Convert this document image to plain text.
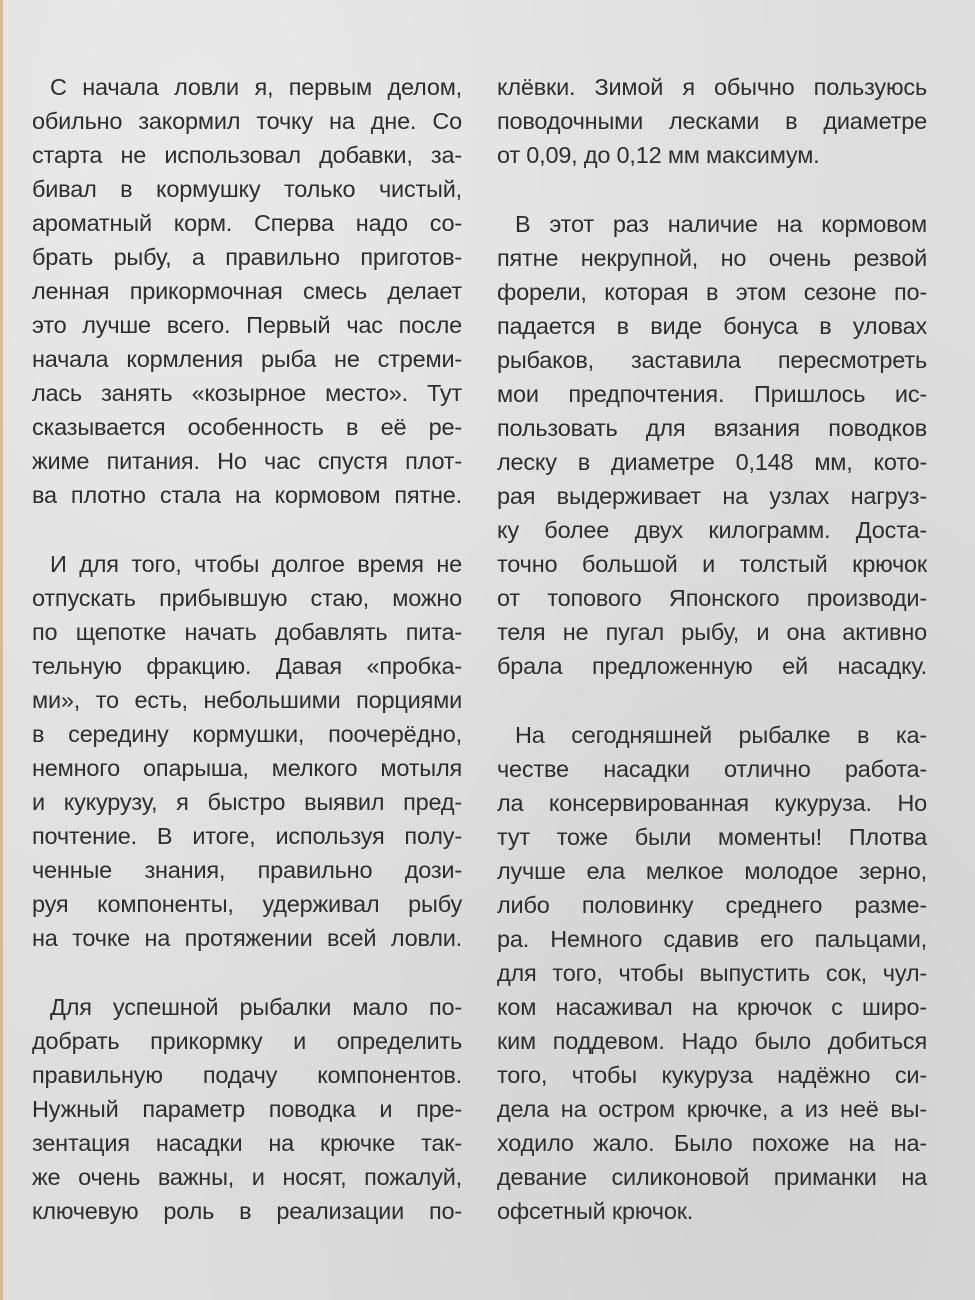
С начала ловли я, первым делом,
обильно закормил точку на дне. Со
старта не использовал добавки, за-
бивал в кормушку только чистый,
ароматный корм. Сперва надо со-
брать рыбу, а правильно приготов-
ленная прикормочная смесь делает
это лучше всего. Первый час после
начала кормления рыба не стреми-
лась занять «козырное место». Тут
сказывается особенность в её ре-
жиме питания. Но час спустя плот-
ва плотно стала на кормовом пятне.

И для того, чтобы долгое время не
отпускать прибывшую стаю, можно
по щепотке начать добавлять пита-
тельную фракцию. Давая «пробка-
ми», то есть, небольшими порциями
в середину кормушки, поочерёдно,
немного опарыша, мелкого мотыля
и кукурузу, я быстро выявил пред-
почтение. В итоге, используя полу-
ченные знания, правильно дози-
руя компоненты, удерживал рыбу
на точке на протяжении всей ловли.

Для успешной рыбалки мало по-
добрать прикормку и определить
правильную подачу компонентов.
Нужный параметр поводка и пре-
зентация насадки на крючке так-
же очень важны, и носят, пожалуй,
ключевую роль в реализации по-

клёвки. Зимой я обычно пользуюсь
поводочными лесками в диаметре
от 0,09, до 0,12 мм максимум.

В этот раз наличие на кормовом
пятне некрупной, но очень резвой
форели, которая в этом сезоне по-
падается в виде бонуса в уловах
рыбаков, заставила пересмотреть
мои предпочтения. Пришлось ис-
пользовать для вязания поводков
леску в диаметре 0,148 мм, кото-
рая выдерживает на узлах нагруз-
ку более двух килограмм. Доста-
точно большой и толстый крючок
от топового Японского производи-
теля не пугал рыбу, и она активно
брала предложенную ей насадку.

На сегодняшней рыбалке в ка-
честве насадки отлично работа-
ла консервированная кукуруза. Но
тут тоже были моменты! Плотва
лучше ела мелкое молодое зерно,
либо половинку среднего разме-
ра. Немного сдавив его пальцами,
для того, чтобы выпустить сок, чул-
ком насаживал на крючок с широ-
ким поддевом. Надо было добиться
того, чтобы кукуруза надёжно си-
дела на остром крючке, а из неё вы-
ходило жало. Было похоже на на-
девание силиконовой приманки на
офсетный крючок.
